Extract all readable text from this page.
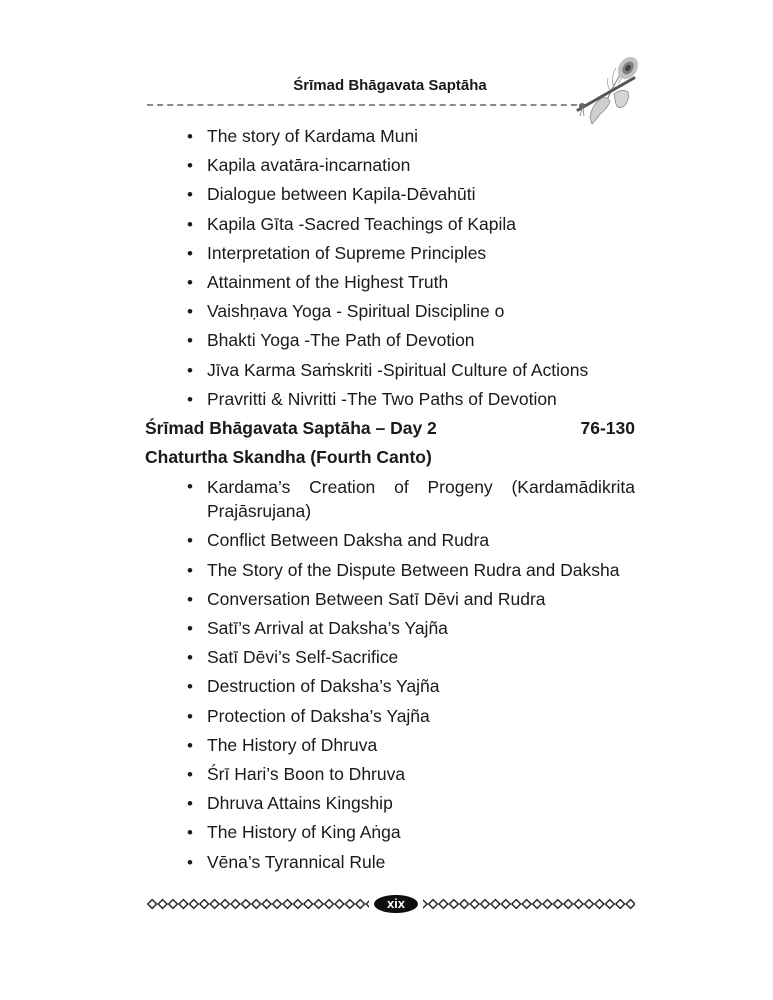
Śrīmad Bhāgavata Saptāha
• The story of Kardama Muni
• Kapila avatāra-incarnation
• Dialogue between Kapila-Dēvahūti
• Kapila Gīta -Sacred Teachings of Kapila
• Interpretation of Supreme Principles
• Attainment of the Highest Truth
• Vaishṇava Yoga - Spiritual Discipline o
• Bhakti Yoga -The Path of Devotion
• Jīva Karma Saṁskriti -Spiritual Culture of Actions
• Pravritti & Nivritti -The Two Paths of Devotion
Śrīmad Bhāgavata Saptāha – Day 2	76-130
Chaturtha Skandha (Fourth Canto)
• Kardama’s Creation of Progeny (Kardamādikrita
Prajāsrujana)
• Conflict Between Daksha and Rudra
• The Story of the Dispute Between Rudra and Daksha
• Conversation Between Satī Dēvi and Rudra
• Satī’s Arrival at Daksha’s Yajña
• Satī Dēvi’s Self-Sacrifice
• Destruction of Daksha’s Yajña
• Protection of Daksha’s Yajña
• The History of Dhruva
• Śrī Hari’s Boon to Dhruva
• Dhruva Attains Kingship
• The History of King Aṅga
• Vēna’s Tyrannical Rule
xix
